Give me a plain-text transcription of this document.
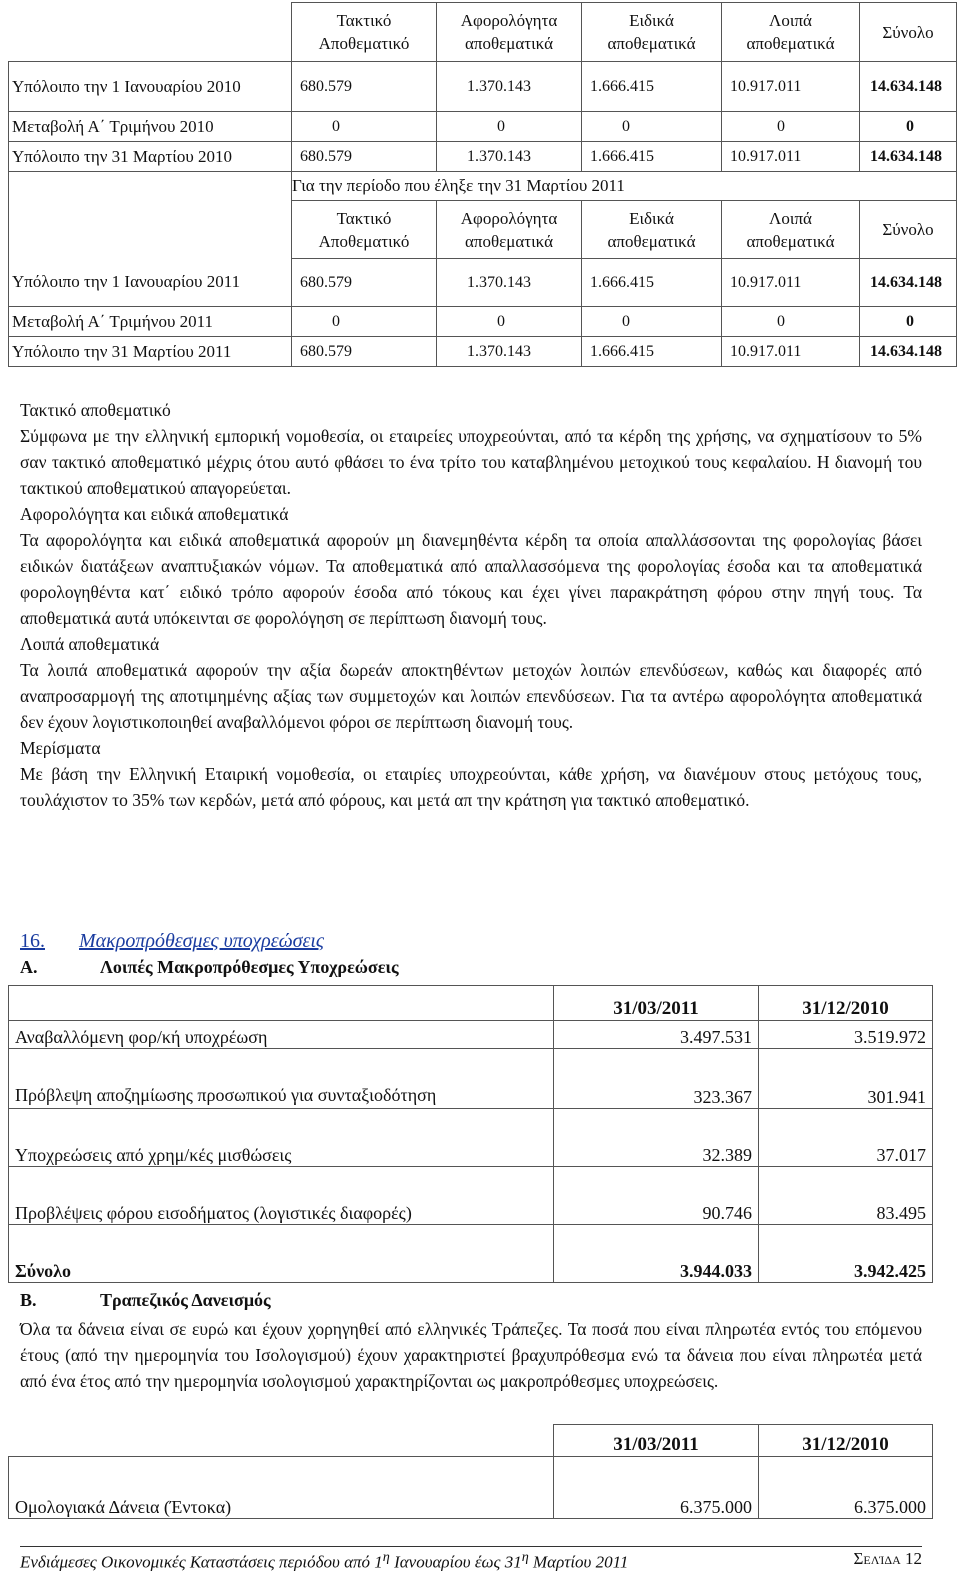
	Τακτικό Αποθεματικό	Αφορολόγητα αποθεματικά	Ειδικά αποθεματικά	Λοιπά αποθεματικά	Σύνολο
Υπόλοιπο την 1 Ιανουαρίου 2010	680.579	1.370.143	1.666.415	10.917.011	14.634.148
Μεταβολή Α΄ Τριμήνου 2010	0	0	0	0	0
Υπόλοιπο την 31 Μαρτίου 2010	680.579	1.370.143	1.666.415	10.917.011	14.634.148
	Για την περίοδο που έληξε την 31 Μαρτίου 2011				
	Τακτικό Αποθεματικό	Αφορολόγητα αποθεματικά	Ειδικά αποθεματικά	Λοιπά αποθεματικά	Σύνολο
Υπόλοιπο την 1 Ιανουαρίου 2011	680.579	1.370.143	1.666.415	10.917.011	14.634.148
Μεταβολή Α΄ Τριμήνου 2011	0	0	0	0	0
Υπόλοιπο την 31 Μαρτίου 2011	680.579	1.370.143	1.666.415	10.917.011	14.634.148

Τακτικό αποθεματικό

Σύμφωνα με την ελληνική εμπορική νομοθεσία, οι εταιρείες υποχρεούνται, από τα κέρδη της χρήσης, να σχηματίσουν το 5% σαν τακτικό αποθεματικό μέχρις ότου αυτό φθάσει το ένα τρίτο του καταβλημένου μετοχικού τους κεφαλαίου. Η διανομή του τακτικού αποθεματικού απαγορεύεται.

Αφορολόγητα και ειδικά αποθεματικά

Τα αφορολόγητα και ειδικά αποθεματικά αφορούν μη διανεμηθέντα κέρδη τα οποία απαλλάσσονται της φορολογίας βάσει ειδικών διατάξεων αναπτυξιακών νόμων. Τα αποθεματικά από απαλλασσόμενα της φορολογίας έσοδα και τα αποθεματικά φορολογηθέντα κατ΄ ειδικό τρόπο αφορούν έσοδα από τόκους και έχει γίνει παρακράτηση φόρου στην πηγή τους. Τα αποθεματικά αυτά υπόκεινται σε φορολόγηση σε περίπτωση διανομή τους.

Λοιπά αποθεματικά

Τα λοιπά αποθεματικά αφορούν την αξία δωρεάν αποκτηθέντων μετοχών λοιπών επενδύσεων, καθώς και διαφορές από αναπροσαρμογή της αποτιμημένης αξίας των συμμετοχών και λοιπών επενδύσεων. Για τα αντέρω αφορολόγητα αποθεματικά δεν έχουν λογιστικοποιηθεί αναβαλλόμενοι φόροι σε περίπτωση διανομή τους.

Μερίσματα

Με βάση την Ελληνική Εταιρική νομοθεσία, οι εταιρίες υποχρεούνται, κάθε χρήση, να διανέμουν στους μετόχους τους, τουλάχιστον το 35% των κερδών, μετά από φόρους, και μετά απ την κράτηση για τακτικό αποθεματικό.

16. Μακροπρόθεσμες υποχρεώσεις
Α.	Λοιπές Μακροπρόθεσμες Υποχρεώσεις
	31/03/2011	31/12/2010
Αναβαλλόμενη φορ/κή υποχρέωση	3.497.531	3.519.972
Πρόβλεψη αποζημίωσης προσωπικού για συνταξιοδότηση	323.367	301.941
Υποχρεώσεις από χρημ/κές μισθώσεις	32.389	37.017
Προβλέψεις φόρου εισοδήματος (λογιστικές διαφορές)	90.746	83.495
Σύνολο	3.944.033	3.942.425
Β.	Τραπεζικός Δανεισμός

Όλα τα δάνεια είναι σε ευρώ και έχουν χορηγηθεί από ελληνικές Τράπεζες. Τα ποσά που είναι πληρωτέα εντός του επόμενου έτους (από την ημερομηνία του Ισολογισμού) έχουν χαρακτηριστεί βραχυπρόθεσμα ενώ τα δάνεια που είναι πληρωτέα μετά από ένα έτος από την ημερομηνία ισολογισμού χαρακτηρίζονται ως μακροπρόθεσμες υποχρεώσεις.

	31/03/2011	31/12/2010
Ομολογιακά Δάνεια (Έντοκα)	6.375.000	6.375.000
Ενδιάμεσες Οικονομικές Καταστάσεις περιόδου από $1^\eta$ Ιανουαρίου έως $31^\eta$ Μαρτίου 2011	Σελίδα 12
